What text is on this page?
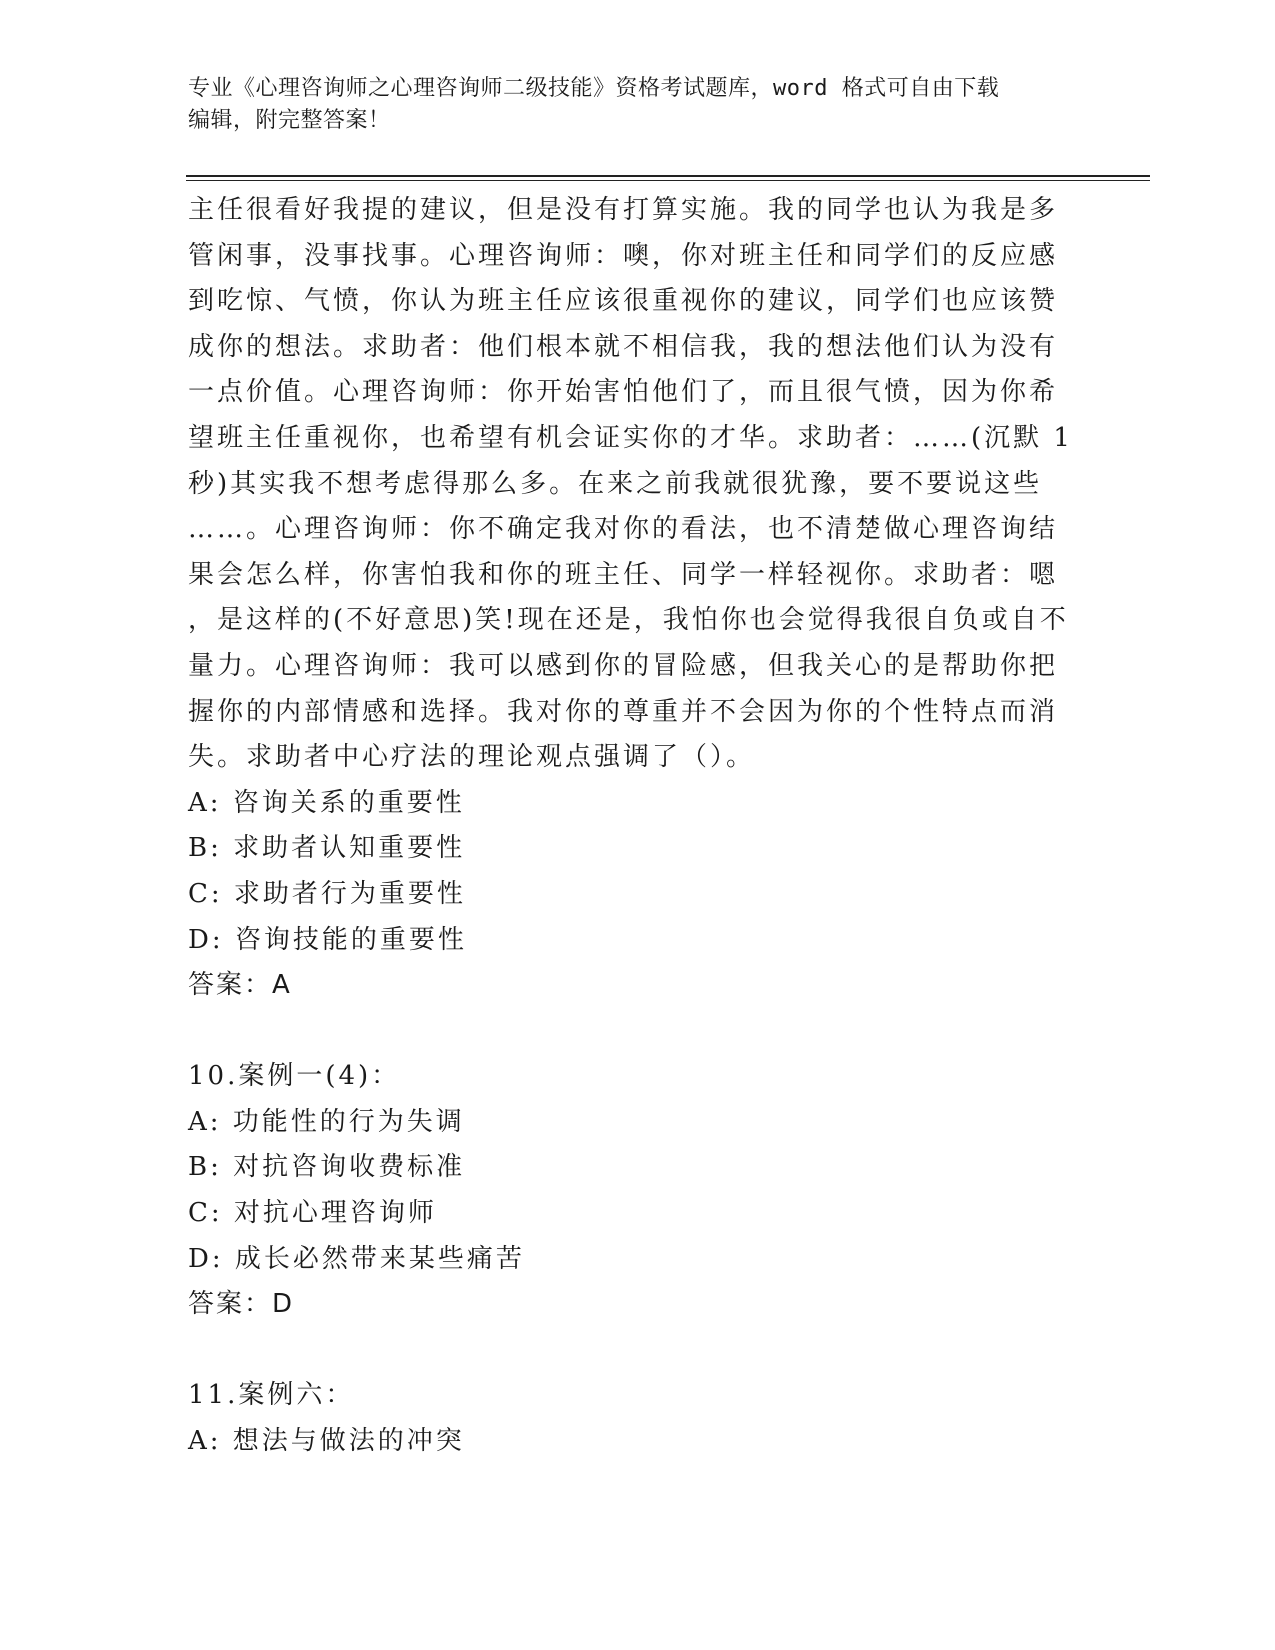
专业《心理咨询师之心理咨询师二级技能》资格考试题库，word 格式可自由下载
编辑，附完整答案！
主任很看好我提的建议，但是没有打算实施。我的同学也认为我是多
管闲事，没事找事。心理咨询师：噢，你对班主任和同学们的反应感
到吃惊、气愤，你认为班主任应该很重视你的建议，同学们也应该赞
成你的想法。求助者：他们根本就不相信我，我的想法他们认为没有
一点价值。心理咨询师：你开始害怕他们了，而且很气愤，因为你希
望班主任重视你，也希望有机会证实你的才华。求助者：……(沉默 1
秒)其实我不想考虑得那么多。在来之前我就很犹豫，要不要说这些
……。心理咨询师：你不确定我对你的看法，也不清楚做心理咨询结
果会怎么样，你害怕我和你的班主任、同学一样轻视你。求助者：嗯
，是这样的(不好意思)笑!现在还是，我怕你也会觉得我很自负或自不
量力。心理咨询师：我可以感到你的冒险感，但我关心的是帮助你把
握你的内部情感和选择。我对你的尊重并不会因为你的个性特点而消
失。求助者中心疗法的理论观点强调了（）。
A: 咨询关系的重要性
B: 求助者认知重要性
C: 求助者行为重要性
D: 咨询技能的重要性
答案：A
10.案例一(4)：
A: 功能性的行为失调
B: 对抗咨询收费标准
C: 对抗心理咨询师
D: 成长必然带来某些痛苦
答案：D
11.案例六：
A: 想法与做法的冲突
